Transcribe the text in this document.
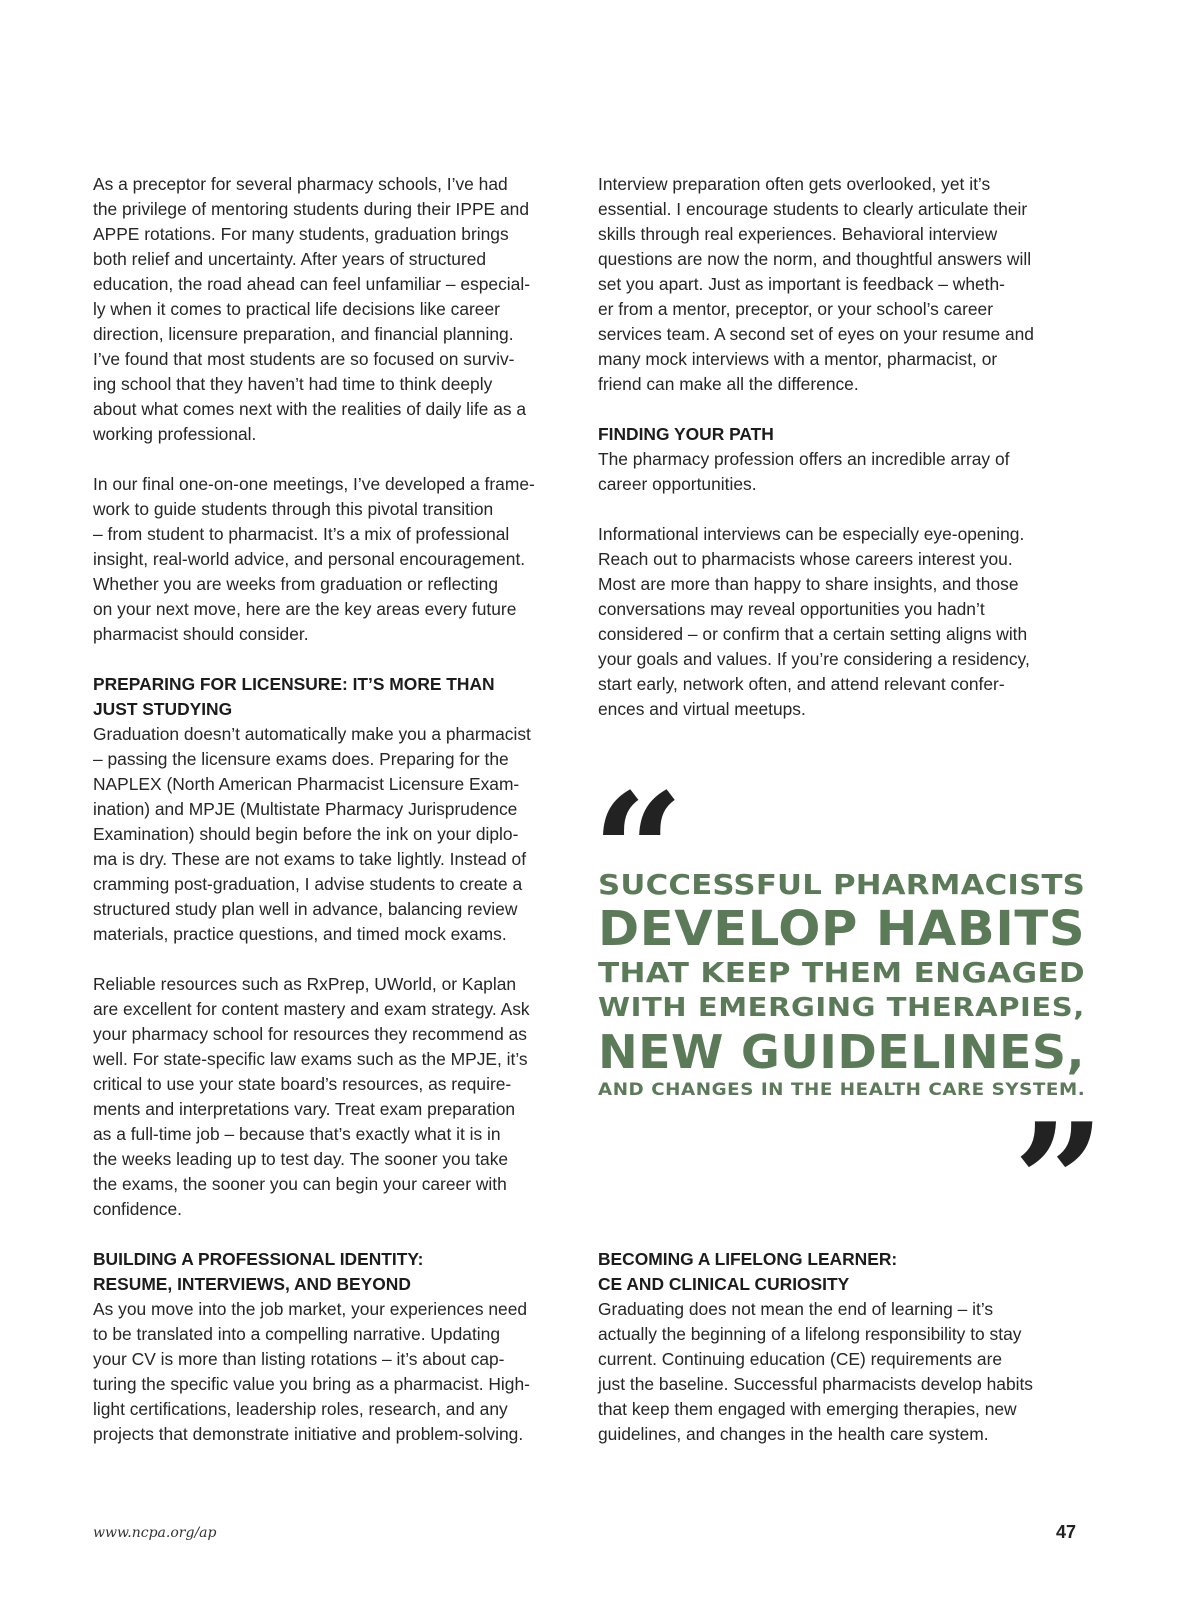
As a preceptor for several pharmacy schools, I’ve had
the privilege of mentoring students during their IPPE and
APPE rotations. For many students, graduation brings
both relief and uncertainty. After years of structured
education, the road ahead can feel unfamiliar – especial-
ly when it comes to practical life decisions like career
direction, licensure preparation, and financial planning.
I’ve found that most students are so focused on surviv-
ing school that they haven’t had time to think deeply
about what comes next with the realities of daily life as a
working professional.

In our final one-on-one meetings, I’ve developed a frame-
work to guide students through this pivotal transition
– from student to pharmacist. It’s a mix of professional
insight, real-world advice, and personal encouragement.
Whether you are weeks from graduation or reflecting
on your next move, here are the key areas every future
pharmacist should consider.

PREPARING FOR LICENSURE: IT’S MORE THAN
JUST STUDYING

Graduation doesn’t automatically make you a pharmacist
– passing the licensure exams does. Preparing for the
NAPLEX (North American Pharmacist Licensure Exam-
ination) and MPJE (Multistate Pharmacy Jurisprudence
Examination) should begin before the ink on your diplo-
ma is dry. These are not exams to take lightly. Instead of
cramming post-graduation, I advise students to create a
structured study plan well in advance, balancing review
materials, practice questions, and timed mock exams.

Reliable resources such as RxPrep, UWorld, or Kaplan
are excellent for content mastery and exam strategy. Ask
your pharmacy school for resources they recommend as
well. For state-specific law exams such as the MPJE, it’s
critical to use your state board’s resources, as require-
ments and interpretations vary. Treat exam preparation
as a full-time job – because that’s exactly what it is in
the weeks leading up to test day. The sooner you take
the exams, the sooner you can begin your career with
confidence.

BUILDING A PROFESSIONAL IDENTITY:
RESUME, INTERVIEWS, AND BEYOND

As you move into the job market, your experiences need
to be translated into a compelling narrative. Updating
your CV is more than listing rotations – it’s about cap-
turing the specific value you bring as a pharmacist. High-
light certifications, leadership roles, research, and any
projects that demonstrate initiative and problem-solving.

Interview preparation often gets overlooked, yet it’s
essential. I encourage students to clearly articulate their
skills through real experiences. Behavioral interview
questions are now the norm, and thoughtful answers will
set you apart. Just as important is feedback – wheth-
er from a mentor, preceptor, or your school’s career
services team. A second set of eyes on your resume and
many mock interviews with a mentor, pharmacist, or
friend can make all the difference.

FINDING YOUR PATH

The pharmacy profession offers an incredible array of
career opportunities.

Informational interviews can be especially eye-opening.
Reach out to pharmacists whose careers interest you.
Most are more than happy to share insights, and those
conversations may reveal opportunities you hadn’t
considered – or confirm that a certain setting aligns with
your goals and values. If you’re considering a residency,
start early, network often, and attend relevant confer-
ences and virtual meetups.

“
SUCCESSFUL PHARMACISTS
DEVELOP HABITS
THAT KEEP THEM ENGAGED
WITH EMERGING THERAPIES,
NEW GUIDELINES,
AND CHANGES IN THE HEALTH CARE SYSTEM.
”

BECOMING A LIFELONG LEARNER:
CE AND CLINICAL CURIOSITY

Graduating does not mean the end of learning – it’s
actually the beginning of a lifelong responsibility to stay
current. Continuing education (CE) requirements are
just the baseline. Successful pharmacists develop habits
that keep them engaged with emerging therapies, new
guidelines, and changes in the health care system.

www.ncpa.org/ap	47
